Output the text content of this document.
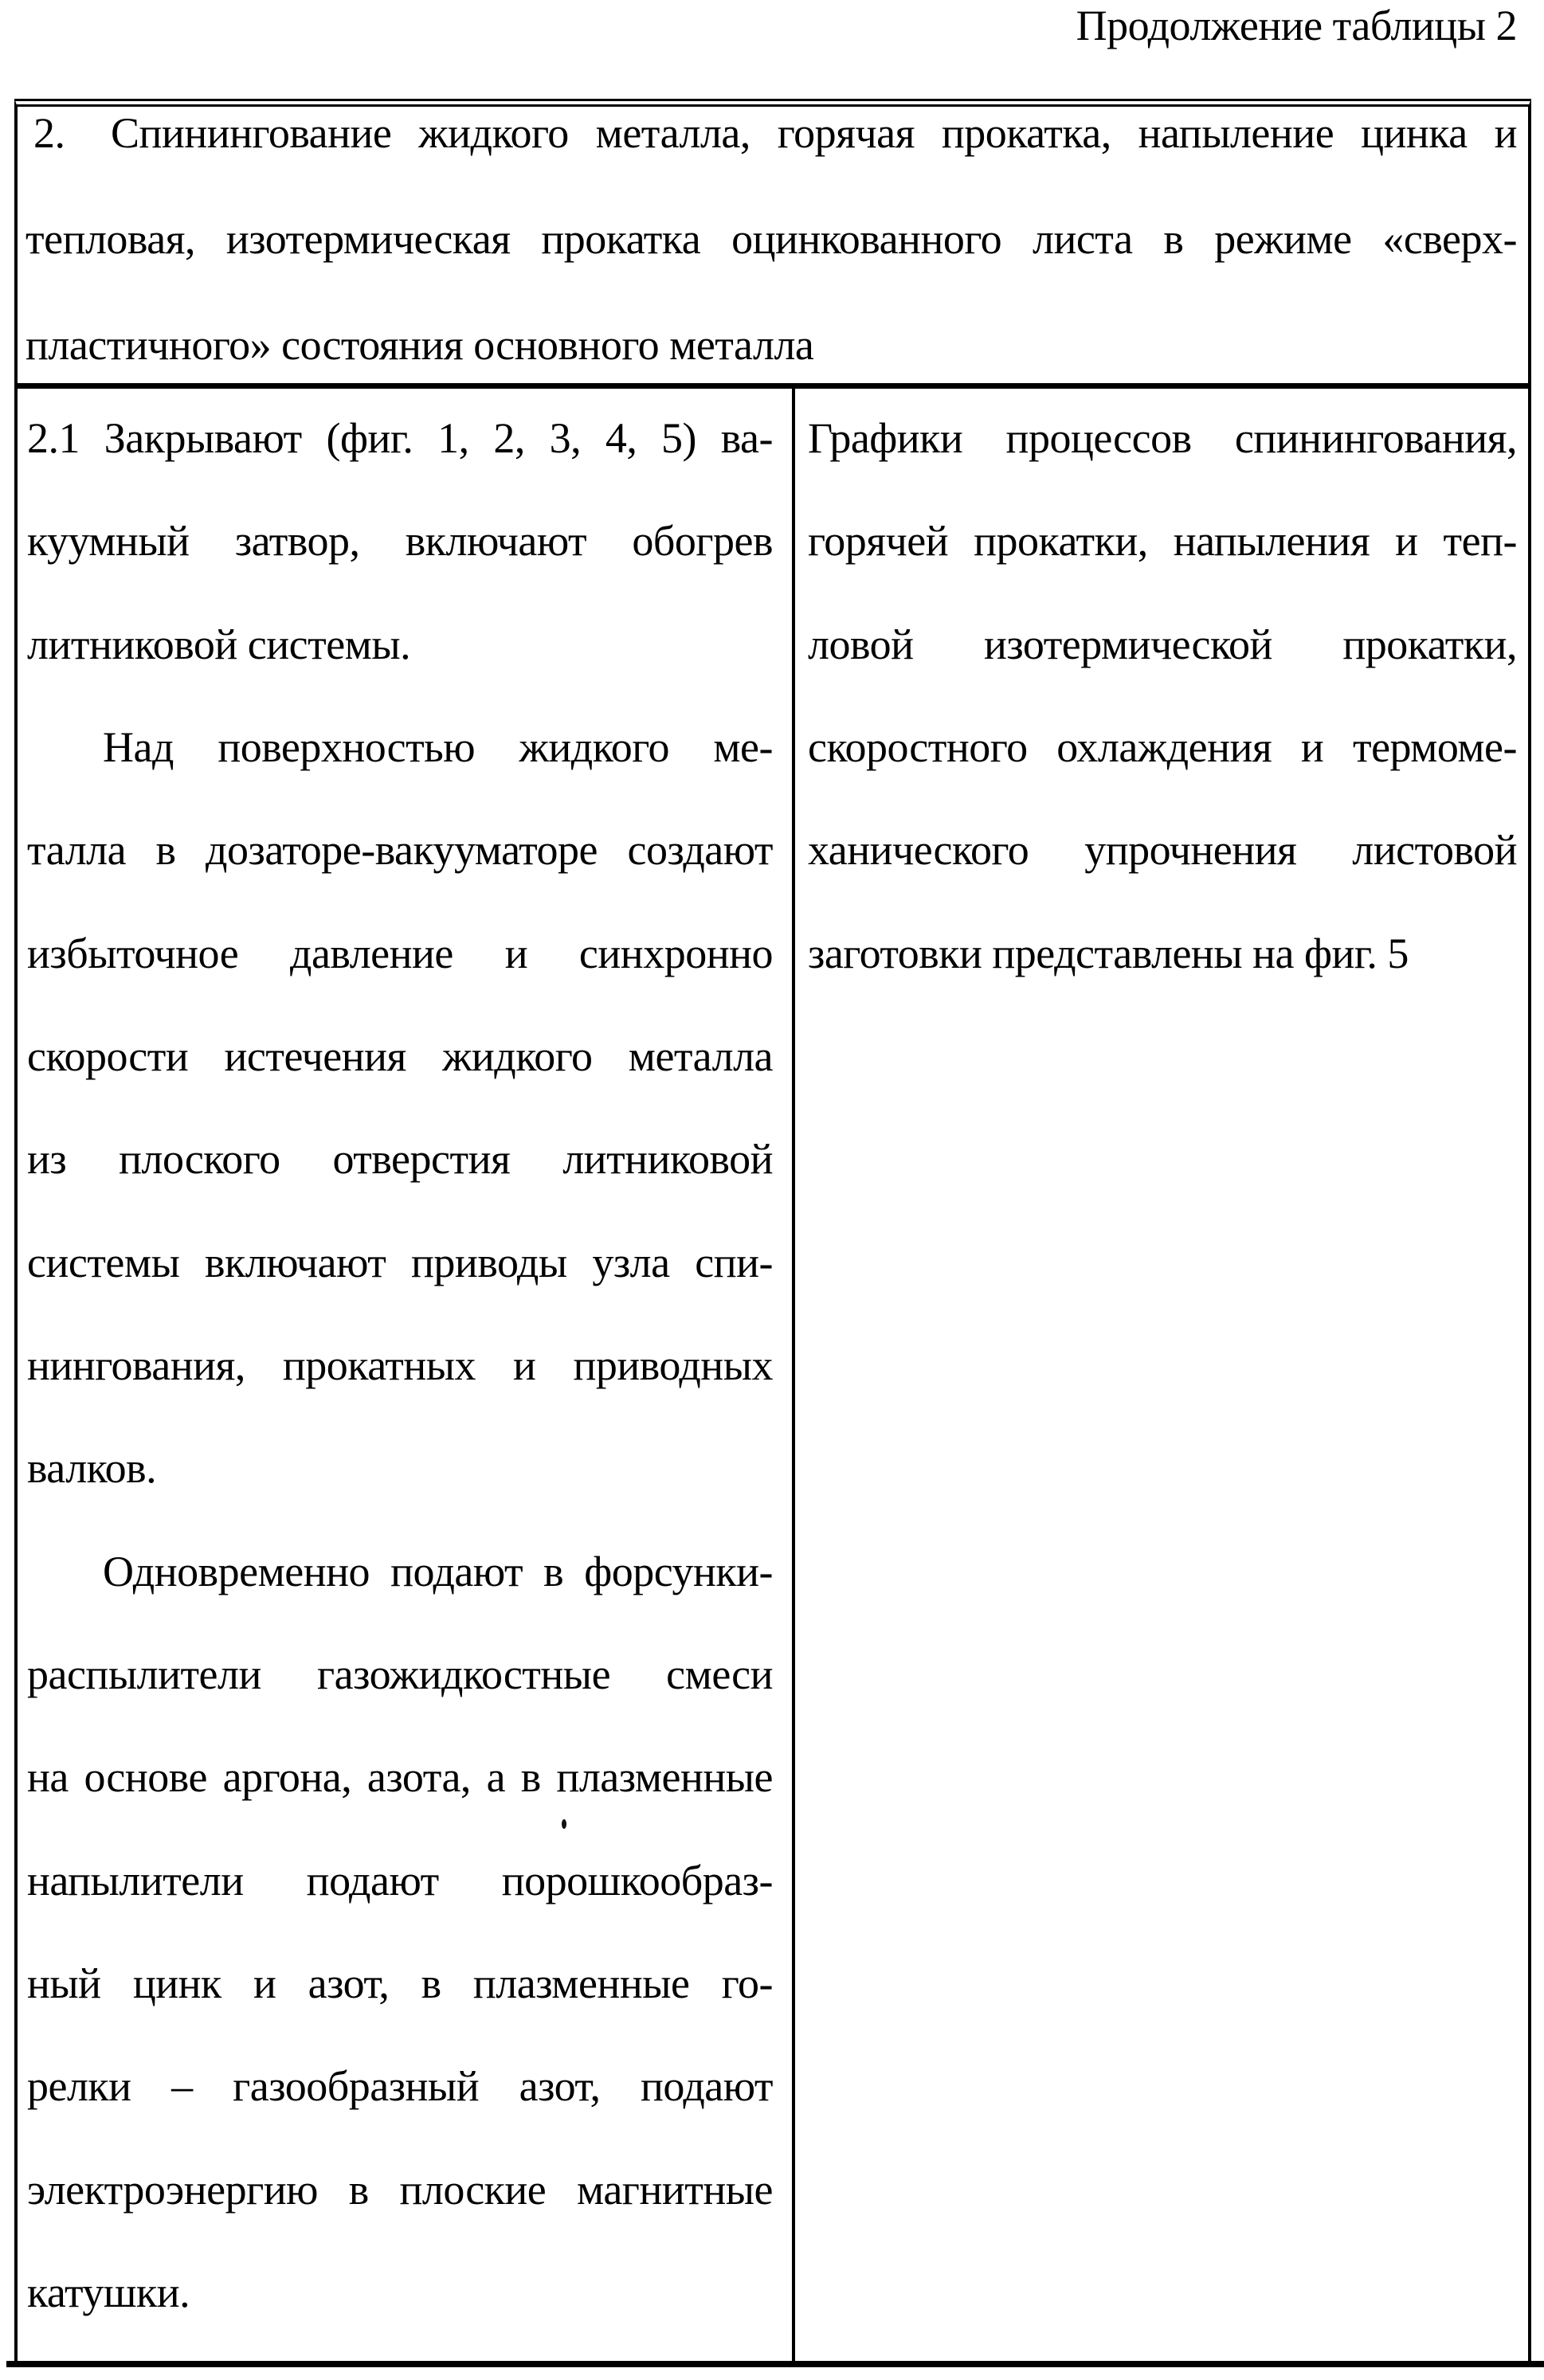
Продолжение таблицы 2
2. Спинингование жидкого металла, горячая прокатка, напыление цинка и
тепловая, изотермическая прокатка оцинкованного листа в режиме «сверх-
пластичного» состояния основного металла
2.1 Закрывают (фиг. 1, 2, 3, 4, 5) ва-
куумный затвор, включают обогрев
литниковой системы.
Над поверхностью жидкого ме-
талла в дозаторе-вакууматоре создают
избыточное давление и синхронно
скорости истечения жидкого металла
из плоского отверстия литниковой
системы включают приводы узла спи-
нингования, прокатных и приводных
валков.
Одновременно подают в форсунки-
распылители газожидкостные смеси
на основе аргона, азота, а в плазменные
напылители подают порошкообраз-
ный цинк и азот, в плазменные го-
релки – газообразный азот, подают
электроэнергию в плоские магнитные
катушки.
Графики процессов спинингования,
горячей прокатки, напыления и теп-
ловой изотермической прокатки,
скоростного охлаждения и термоме-
ханического упрочнения листовой
заготовки представлены на фиг. 5
